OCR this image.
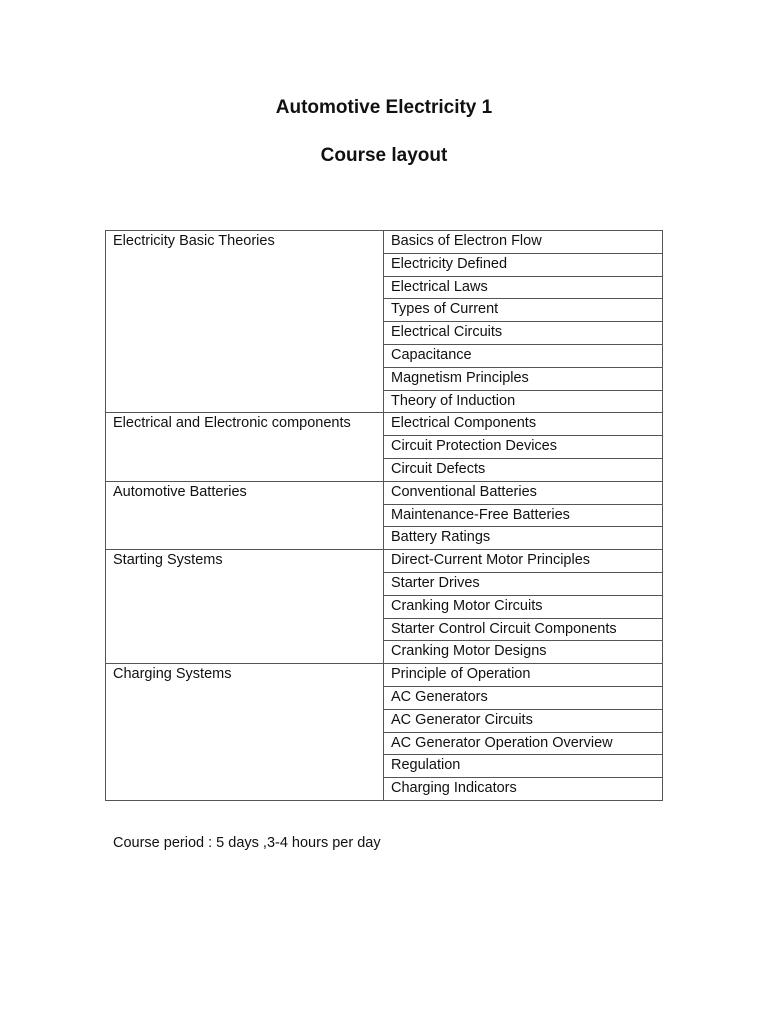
Automotive Electricity 1
Course layout
Electricity Basic Theories	Basics of Electron Flow
	Electricity Defined
	Electrical Laws
	Types of Current
	Electrical Circuits
	Capacitance
	Magnetism Principles
	Theory of Induction
Electrical and Electronic components	Electrical Components
	Circuit Protection Devices
	Circuit Defects
Automotive Batteries	Conventional Batteries
	Maintenance-Free Batteries
	Battery Ratings
Starting Systems	Direct-Current Motor Principles
	Starter Drives
	Cranking Motor Circuits
	Starter Control Circuit Components
	Cranking Motor Designs
Charging Systems	Principle of Operation
	AC Generators
	AC Generator Circuits
	AC Generator Operation Overview
	Regulation
	Charging Indicators

Course period : 5 days ,3-4 hours per day
